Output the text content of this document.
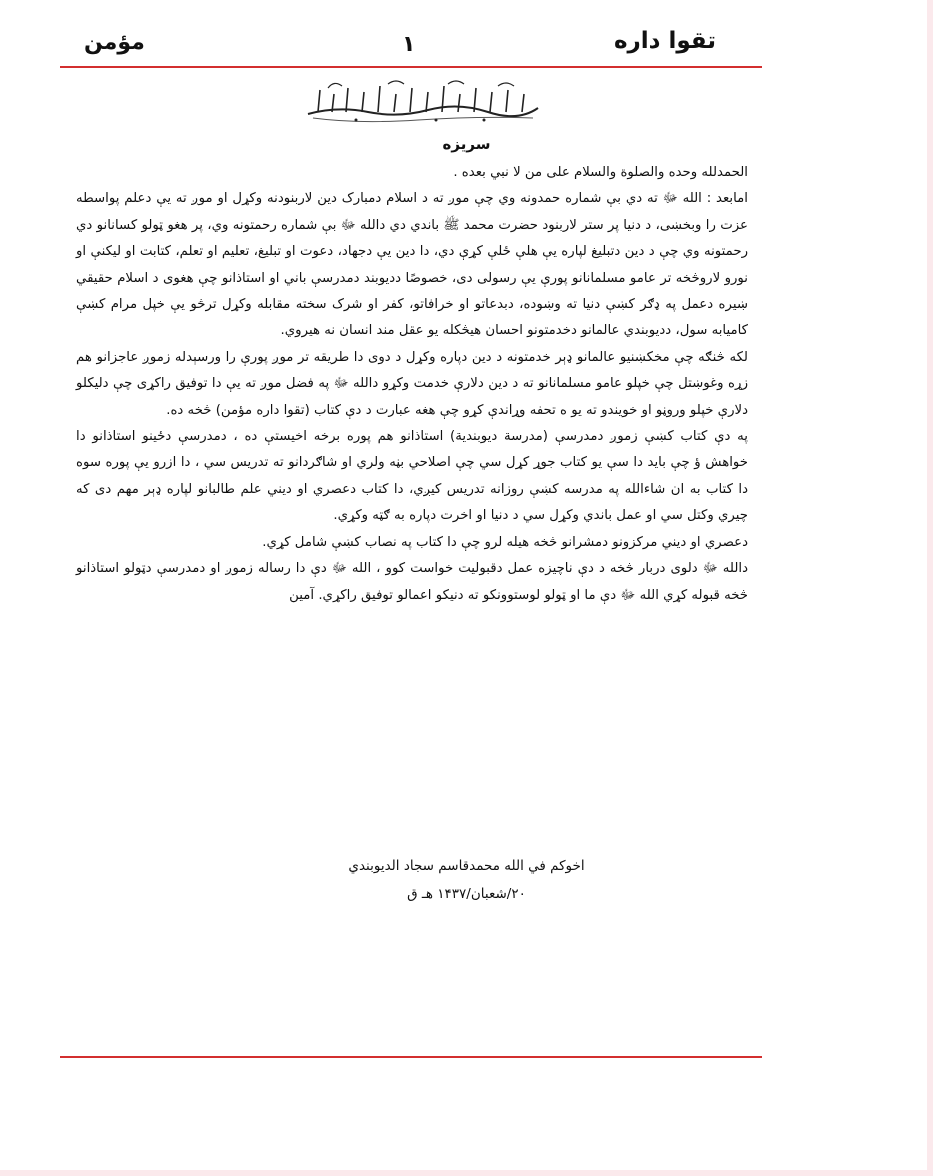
مؤمن	۱	تقوا داره
سریزه

الحمدلله وحده والصلوة والسلام علی من لا نبي بعده .

امابعد : الله ﷻ ته دي بې شماره حمدونه وي چې موږ ته د اسلام دمبارک دين لاربنودنه وکړل او موږ ته يې دعلم پواسطه عزت را وبخښى، د دنيا پر ستر لاربنود حضرت محمد ﷺ باندي دي دالله ﷻ بې شماره رحمتونه وي، پر هغو ټولو کسانانو دي رحمتونه وي چې د دين دتبليغ لپاره يې هلې ځلې کړې دي، دا دين يې دجهاد، دعوت او تبليغ، تعليم او تعلم، کتابت او ليکنې او نورو لاروڅخه تر عامو مسلمانانو پورې يې رسولى دى، خصوصًا دديوبند دمدرسې باني او استاذانو چې هغوى د اسلام حقيقي ښيره دعمل په ډګر کښې دنيا ته وښوده، دبدعاتو او خرافاتو، کفر او شرک سخته مقابله وکړل ترڅو يې خپل مرام کښې کاميابه سول، دديوبندي عالمانو دخدمتونو احسان هيڅکله يو عقل مند انسان نه هيروي.

لکه څنګه چې مخکښنيو عالمانو ډېر خدمتونه د دين دپاره وکړل د دوى دا طريقه تر موږ پورې را ورسېدله زموږ عاجزانو هم زړه وغوښتل چې خپلو عامو مسلمانانو ته د دين دلارې خدمت وکړو دالله ﷻ په فضل موږ ته يې دا توفيق راکړى چې دليکلو دلارې خپلو وروڼو او خويندو ته يو ه تحفه وړاندې کړو چې هغه عبارت د دې کتاب (تقوا داره مؤمن) څخه ده.

په دې کتاب کښې زموږ دمدرسې (مدرسة ديوبندية) استاذانو هم پوره برخه اخيستې ده ، دمدرسې دځينو استاذانو دا خواهش ؤ چې بايد دا سې يو کتاب جوړ کړل سي چې اصلاحي بڼه ولري او شاګردانو ته تدريس سي ، دا ازرو يې پوره سوه دا کتاب به ان شاءالله په مدرسه کښې روزانه تدريس کيږي، دا کتاب دعصري او ديني علم طالبانو لپاره ډېر مهم دى که چيري وکتل سي او عمل باندي وکړل سي د دنيا او اخرت دپاره به ګټه وکړي.

دعصري او ديني مرکزونو دمشرانو څخه هيله لرو چې دا کتاب په نصاب کښې شامل کړي.

دالله ﷻ دلوى دربار څخه د دې ناچيزه عمل دقبوليت خواست کوو ، الله ﷻ دې دا رساله زموږ او دمدرسې دټولو استاذانو څخه قبوله کړي الله ﷻ دې ما او ټولو لوستوونکو ته دنيکو اعمالو توفيق راکړي. آمين

اخوكم في الله محمدقاسم سجاد الديوبندي
۲۰/شعبان/۱۴۳۷ هـ ق
